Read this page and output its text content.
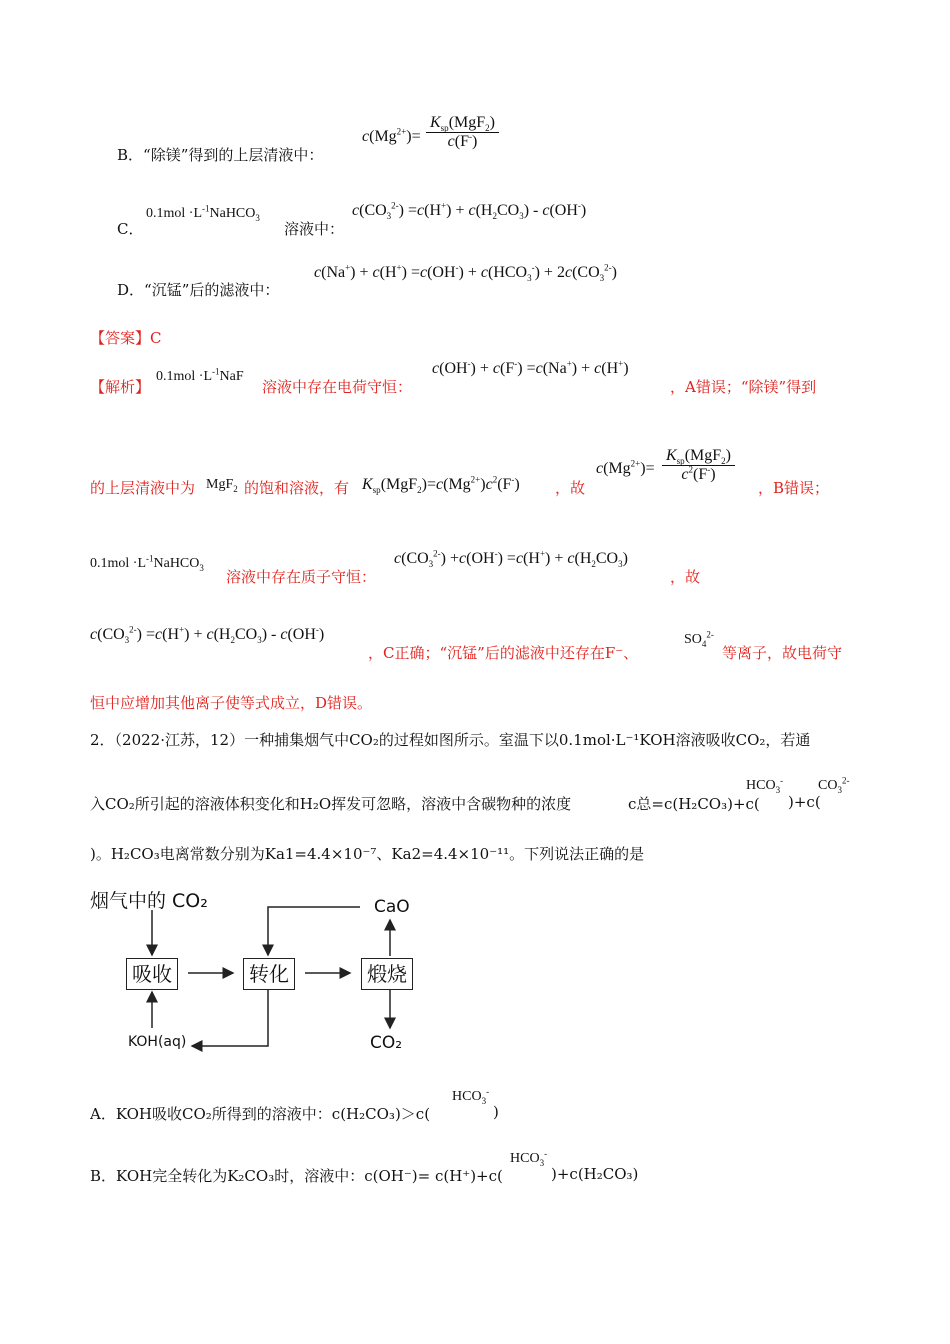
B．“除镁”得到的上层清液中：
$c(Mg^{2+})=$
$K_{sp}(MgF_2)$
c(F-)
C．
$0.1mol \cdot L^{-1}NaHCO_3$
溶液中：
$c(CO_3^{2-}) =c(H^+) + c(H_2CO_3) - c(OH^-)$
D．“沉锰”后的滤液中：
$c(Na^+) + c(H^+) =c(OH^-) + c(HCO_3^-) + 2c(CO_3^{2-})$
【答案】C
【解析】
$0.1mol \cdot L^{-1}NaF$
溶液中存在电荷守恒：
c(OH-) + c(F-) =c(Na+) + c(H+)
，A错误；“除镁”得到
的上层清液中为 MgF$_2$ 的饱和溶液，有 $K_{sp}(MgF_2)=c(Mg^{2+})c^2(F^-)$ ，故
$c(Mg^{2+})=$
$K_{sp}(MgF_2)$
$c^2(F^-)$
，B错误；
$0.1mol \cdot L^{-1}NaHCO_3$
溶液中存在质子守恒：
$c(CO_3^{2-}) +c(OH^-) =c(H^+) + c(H_2CO_3)$
，故
$c(CO_3^{2-}) =c(H^+) + c(H_2CO_3) - c(OH^-)$
，C正确；“沉锰”后的滤液中还存在F⁻、
$SO_4^{2-}$
等离子，故电荷守
恒中应增加其他离子使等式成立，D错误。
2．（2022·江苏，12）一种捕集烟气中CO₂的过程如图所示。室温下以0.1mol·L⁻¹KOH溶液吸收CO₂，若通
入CO₂所引起的溶液体积变化和H₂O挥发可忽略，溶液中含碳物种的浓度	c总=c(H₂CO₃)+c(
$HCO_3^-$
)+c(
$CO_3^{2-}$
)。H₂CO₃电离常数分别为Ka1=4.4×10⁻⁷、Ka2=4.4×10⁻¹¹。下列说法正确的是
烟气中的 CO₂
吸收	转化	煅烧
CaO
KOH(aq)	CO₂
A．KOH吸收CO₂所得到的溶液中：c(H₂CO₃)＞c(
$HCO_3^-$
)
B．KOH完全转化为K₂CO₃时，溶液中：c(OH⁻)= c(H⁺)+c(
$HCO_3^-$
)+c(H₂CO₃)
